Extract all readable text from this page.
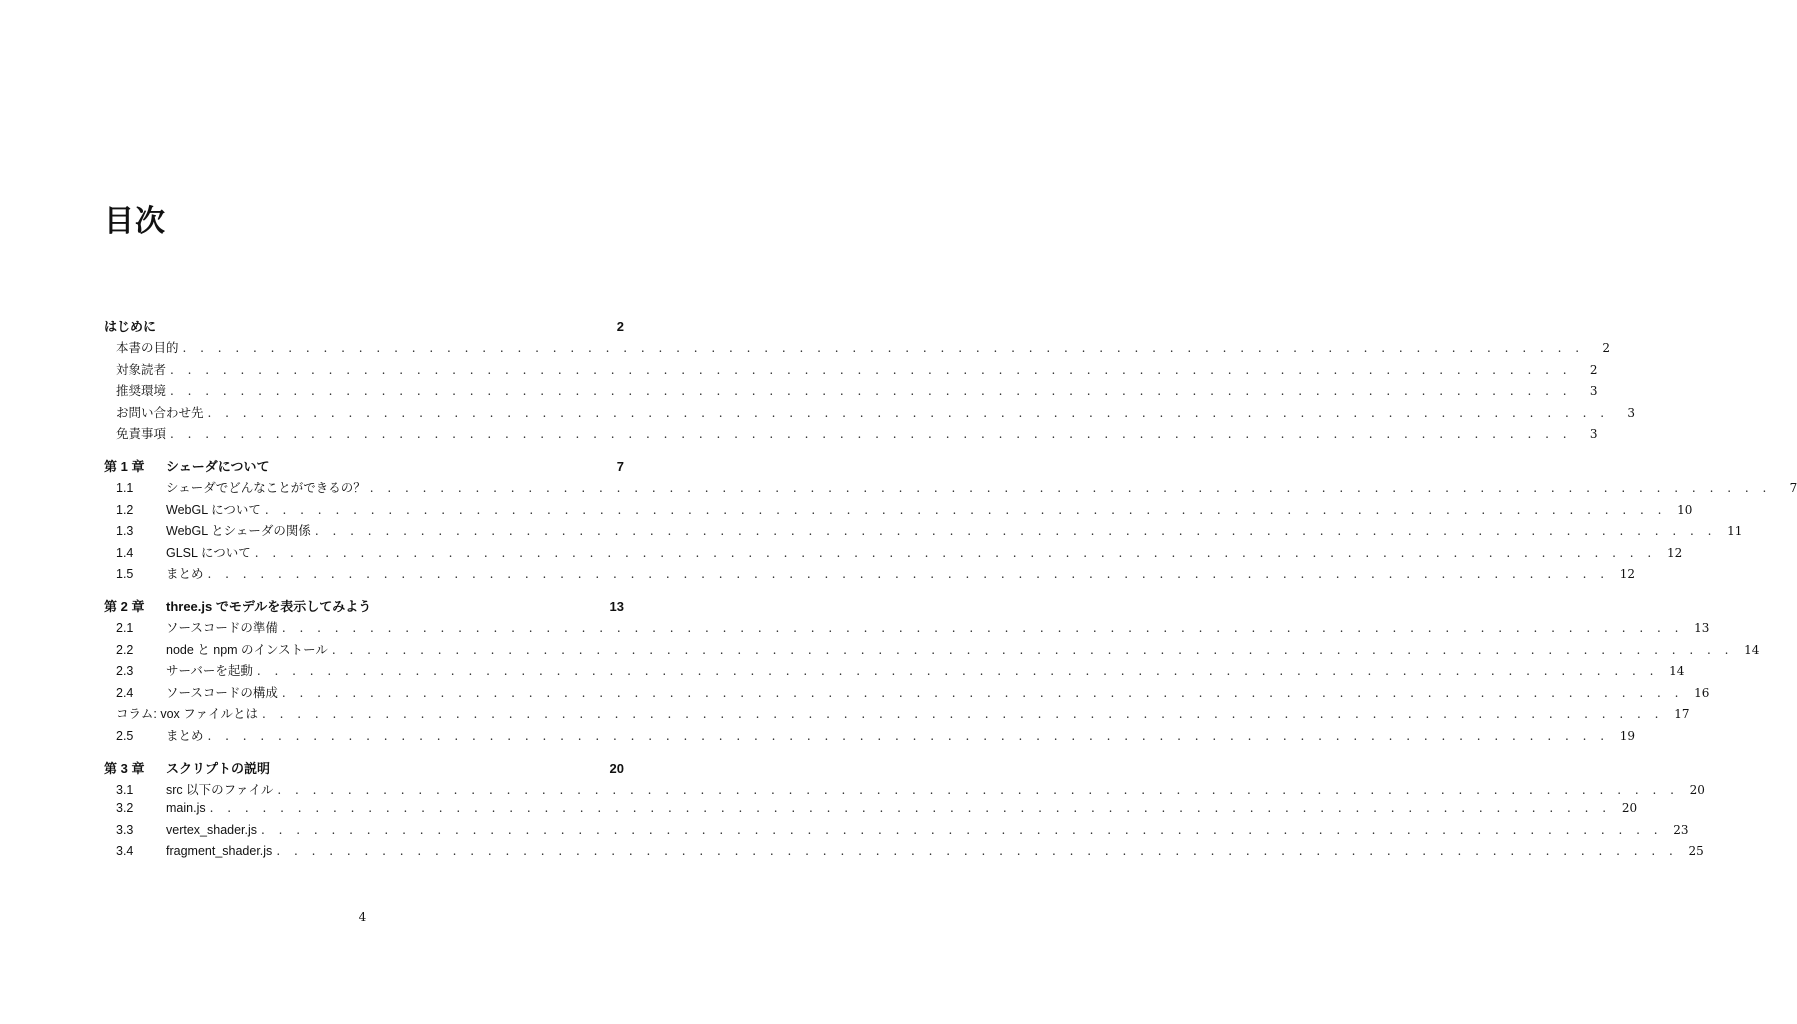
目次
はじめに	2
本書の目的 . . . . . . . . . . . . . . . . . . . . . . . . . . . . . . . . . . . . . . . . . . . . . . . . . . . . . . . . . . . . . . . . . . . . . . . . . . . . . . . .	2
対象読者 . . . . . . . . . . . . . . . . . . . . . . . . . . . . . . . . . . . . . . . . . . . . . . . . . . . . . . . . . . . . . . . . . . . . . . . . . . . . . . . .	2
推奨環境 . . . . . . . . . . . . . . . . . . . . . . . . . . . . . . . . . . . . . . . . . . . . . . . . . . . . . . . . . . . . . . . . . . . . . . . . . . . . . . . .	3
お問い合わせ先 . . . . . . . . . . . . . . . . . . . . . . . . . . . . . . . . . . . . . . . . . . . . . . . . . . . . . . . . . . . . . . . . . . . . . . . . . . . . . . . .	3
免責事項 . . . . . . . . . . . . . . . . . . . . . . . . . . . . . . . . . . . . . . . . . . . . . . . . . . . . . . . . . . . . . . . . . . . . . . . . . . . . . . . .	3
第 1 章	シェーダについて	7
1.1	シェーダでどんなことができるの？ . . . . . . . . . . . . . . . . . . . . . . . . . . . . . . . . . . . . . . . . . . . . . . . . . . . . . . . . . . . . . . . . . . . . . . . . . . . . . . . .	7
1.2	WebGL について . . . . . . . . . . . . . . . . . . . . . . . . . . . . . . . . . . . . . . . . . . . . . . . . . . . . . . . . . . . . . . . . . . . . . . . . . . . . . . . . 10
1.3	WebGL とシェーダの関係 . . . . . . . . . . . . . . . . . . . . . . . . . . . . . . . . . . . . . . . . . . . . . . . . . . . . . . . . . . . . . . . . . . . . . . . . . . . . . . . . 11
1.4	GLSL について . . . . . . . . . . . . . . . . . . . . . . . . . . . . . . . . . . . . . . . . . . . . . . . . . . . . . . . . . . . . . . . . . . . . . . . . . . . . . . . . 12
1.5	まとめ . . . . . . . . . . . . . . . . . . . . . . . . . . . . . . . . . . . . . . . . . . . . . . . . . . . . . . . . . . . . . . . . . . . . . . . . . . . . . . . . 12
第 2 章	three.js でモデルを表示してみよう	13
2.1	ソースコードの準備 . . . . . . . . . . . . . . . . . . . . . . . . . . . . . . . . . . . . . . . . . . . . . . . . . . . . . . . . . . . . . . . . . . . . . . . . . . . . . . . . 13
2.2	node と npm のインストール . . . . . . . . . . . . . . . . . . . . . . . . . . . . . . . . . . . . . . . . . . . . . . . . . . . . . . . . . . . . . . . . . . . . . . . . . . . . . . . . 14
2.3	サーバーを起動 . . . . . . . . . . . . . . . . . . . . . . . . . . . . . . . . . . . . . . . . . . . . . . . . . . . . . . . . . . . . . . . . . . . . . . . . . . . . . . . . 14
2.4	ソースコードの構成 . . . . . . . . . . . . . . . . . . . . . . . . . . . . . . . . . . . . . . . . . . . . . . . . . . . . . . . . . . . . . . . . . . . . . . . . . . . . . . . . 16
コラム: vox ファイルとは . . . . . . . . . . . . . . . . . . . . . . . . . . . . . . . . . . . . . . . . . . . . . . . . . . . . . . . . . . . . . . . . . . . . . . . . . . . . . . . . 17
2.5	まとめ . . . . . . . . . . . . . . . . . . . . . . . . . . . . . . . . . . . . . . . . . . . . . . . . . . . . . . . . . . . . . . . . . . . . . . . . . . . . . . . . 19
第 3 章	スクリプトの説明	20
3.1	src 以下のファイル . . . . . . . . . . . . . . . . . . . . . . . . . . . . . . . . . . . . . . . . . . . . . . . . . . . . . . . . . . . . . . . . . . . . . . . . . . . . . . . . 20
3.2	main.js . . . . . . . . . . . . . . . . . . . . . . . . . . . . . . . . . . . . . . . . . . . . . . . . . . . . . . . . . . . . . . . . . . . . . . . . . . . . . . . . 20
3.3	vertex_shader.js . . . . . . . . . . . . . . . . . . . . . . . . . . . . . . . . . . . . . . . . . . . . . . . . . . . . . . . . . . . . . . . . . . . . . . . . . . . . . . . . 23
3.4	fragment_shader.js . . . . . . . . . . . . . . . . . . . . . . . . . . . . . . . . . . . . . . . . . . . . . . . . . . . . . . . . . . . . . . . . . . . . . . . . . . . . . . . . 25
4
